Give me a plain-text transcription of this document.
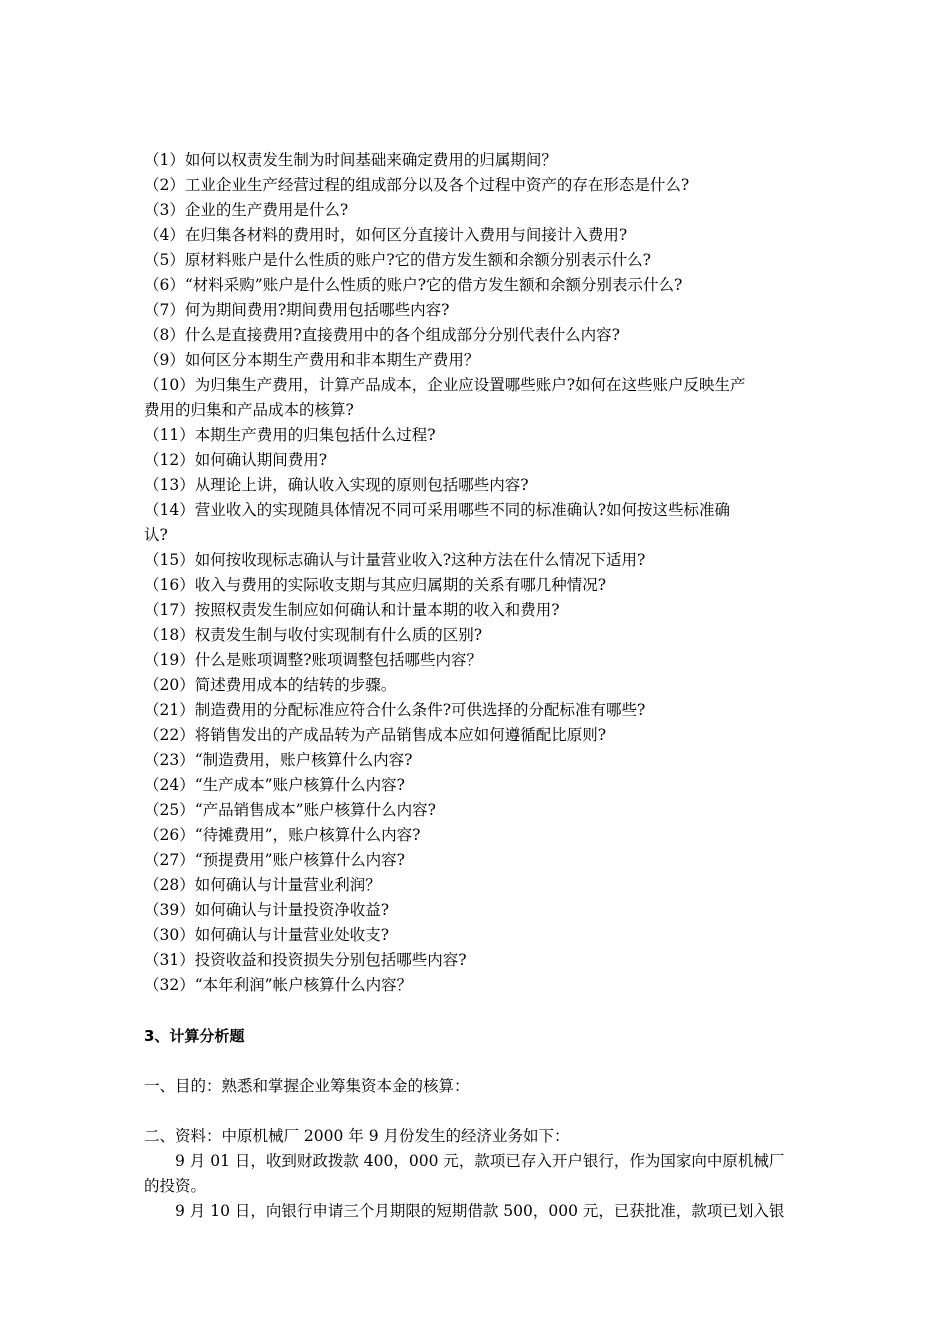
（1）如何以权责发生制为时间基础来确定费用的归属期间？
（2）工业企业生产经营过程的组成部分以及各个过程中资产的存在形态是什么?
（3）企业的生产费用是什么?
（4）在归集各材料的费用时，如何区分直接计入费用与间接计入费用?
（5）原材料账户是什么性质的账户?它的借方发生额和余额分别表示什么?
（6）“材料采购”账户是什么性质的账户?它的借方发生额和余额分别表示什么?
（7）何为期间费用?期间费用包括哪些内容?
（8）什么是直接费用?直接费用中的各个组成部分分别代表什么内容?
（9）如何区分本期生产费用和非本期生产费用？
（10）为归集生产费用，计算产品成本，企业应设置哪些账户?如何在这些账户反映生产
费用的归集和产品成本的核算?
（11）本期生产费用的归集包括什么过程?
（12）如何确认期间费用?
（13）从理论上讲，确认收入实现的原则包括哪些内容?
（14）营业收入的实现随具体情况不同可采用哪些不同的标准确认?如何按这些标准确
认?
（15）如何按收现标志确认与计量营业收入?这种方法在什么情况下适用?
（16）收入与费用的实际收支期与其应归属期的关系有哪几种情况?
（17）按照权责发生制应如何确认和计量本期的收入和费用?
（18）权责发生制与收付实现制有什么质的区别?
（19）什么是账项调整?账项调整包括哪些内容？
（20）简述费用成本的结转的步骤。
（21）制造费用的分配标准应符合什么条件?可供选择的分配标准有哪些?
（22）将销售发出的产成品转为产品销售成本应如何遵循配比原则?
（23）“制造费用，账户核算什么内容?
（24）“生产成本”账户核算什么内容?
（25）“产品销售成本”账户核算什么内容?
（26）“待摊费用”，账户核算什么内容?
（27）“预提费用”账户核算什么内容?
（28）如何确认与计量营业利润？
（39）如何确认与计量投资净收益?
（30）如何确认与计量营业处收支?
（31）投资收益和投资损失分别包括哪些内容?
（32）“本年利润”帐户核算什么内容？
3、计算分析题
一、目的：熟悉和掌握企业筹集资本金的核算：
二、资料：中原机械厂 2000 年 9 月份发生的经济业务如下：
9 月 01 日，收到财政拨款 400，000 元，款项已存入开户银行，作为国家向中原机械厂
的投资。
9 月 10 日，向银行申请三个月期限的短期借款 500，000 元，已获批准，款项已划入银
